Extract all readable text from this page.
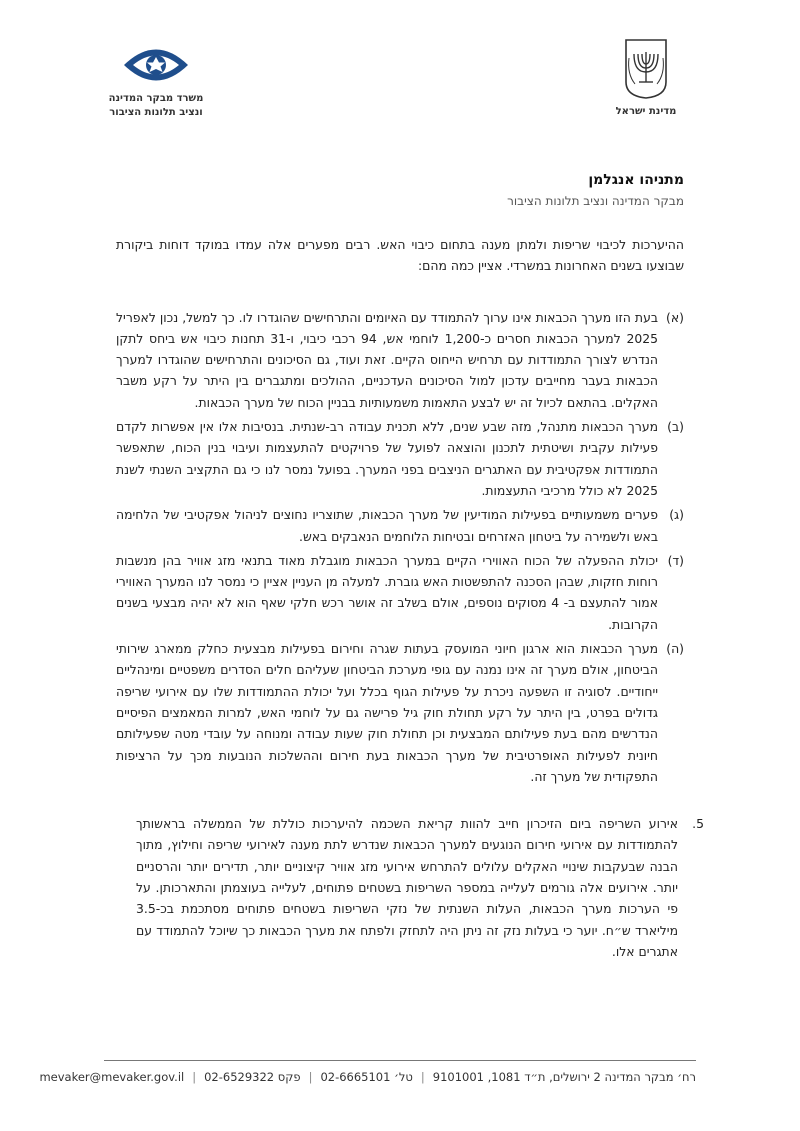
מדינת ישראל
משרד מבקר המדינה
ונציב תלונות הציבור
מתניהו אנגלמן
מבקר המדינה ונציב תלונות הציבור

ההיערכות לכיבוי שריפות ולמתן מענה בתחום כיבוי האש. רבים מפערים אלה עמדו במוקד דוחות ביקורת שבוצעו בשנים האחרונות במשרדי. אציין כמה מהם:

(א)
בעת הזו מערך הכבאות אינו ערוך להתמודד עם האיומים והתרחישים שהוגדרו לו. כך למשל, נכון לאפריל 2025 למערך הכבאות חסרים כ-1,200 לוחמי אש, 94 רכבי כיבוי, ו-31 תחנות כיבוי אש ביחס לתקן הנדרש לצורך התמודדות עם תרחיש הייחוס הקיים. זאת ועוד, גם הסיכונים והתרחישים שהוגדרו למערך הכבאות בעבר מחייבים עדכון למול הסיכונים העדכניים, ההולכים ומתגברים בין היתר על רקע משבר האקלים. בהתאם לכיול זה יש לבצע התאמות משמעותיות בבניין הכוח של מערך הכבאות.
(ב)
מערך הכבאות מתנהל, מזה שבע שנים, ללא תכנית עבודה רב-שנתית. בנסיבות אלו אין אפשרות לקדם פעילות עקבית ושיטתית לתכנון והוצאה לפועל של פרויקטים להתעצמות ועיבוי בנין הכוח, שתאפשר התמודדות אפקטיבית עם האתגרים הניצבים בפני המערך. בפועל נמסר לנו כי גם התקציב השנתי לשנת 2025 לא כולל מרכיבי התעצמות.
(ג)
פערים משמעותיים בפעילות המודיעין של מערך הכבאות, שתוצריו נחוצים לניהול אפקטיבי של הלחימה באש ולשמירה על ביטחון האזרחים ובטיחות הלוחמים הנאבקים באש.
(ד)
יכולת ההפעלה של הכוח האווירי הקיים במערך הכבאות מוגבלת מאוד בתנאי מזג אוויר בהן מנשבות רוחות חזקות, שבהן הסכנה להתפשטות האש גוברת. למעלה מן העניין אציין כי נמסר לנו המערך האווירי אמור להתעצם ב- 4 מסוקים נוספים, אולם בשלב זה אושר רכש חלקי שאף הוא לא יהיה מבצעי בשנים הקרובות.
(ה)
מערך הכבאות הוא ארגון חיוני המועסק בעתות שגרה וחירום בפעילות מבצעית כחלק ממארג שירותי הביטחון, אולם מערך זה אינו נמנה עם גופי מערכת הביטחון שעליהם חלים הסדרים משפטיים ומינהליים ייחודיים. לסוגיה זו השפעה ניכרת על פעילות הגוף בכלל ועל יכולת ההתמודדות שלו עם אירועי שריפה גדולים בפרט, בין היתר על רקע תחולת חוק גיל פרישה גם על לוחמי האש, למרות המאמצים הפיסיים הנדרשים מהם בעת פעילותם המבצעית וכן תחולת חוק שעות עבודה ומנוחה על עובדי מטה שפעילותם חיונית לפעילות האופרטיבית של מערך הכבאות בעת חירום וההשלכות הנובעות מכך על הרציפות התפקודית של מערך זה.
5.
אירוע השריפה ביום הזיכרון חייב להוות קריאת השכמה להיערכות כוללת של הממשלה בראשותך להתמודדות עם אירועי חירום הנוגעים למערך הכבאות שנדרש לתת מענה לאירועי שריפה וחילוץ, מתוך הבנה שבעקבות שינויי האקלים עלולים להתרחש אירועי מזג אוויר קיצוניים יותר, תדירים יותר והרסניים יותר. אירועים אלה גורמים לעלייה במספר השריפות בשטחים פתוחים, לעלייה בעוצמתן והתארכותן. על פי הערכות מערך הכבאות, העלות השנתית של נזקי השריפות בשטחים פתוחים מסתכמת בכ-3.5 מיליארד ש״ח. יוער כי בעלות נזק זה ניתן היה לתחזק ולפתח את מערך הכבאות כך שיוכל להתמודד עם אתגרים אלו.
רח׳ מבקר המדינה 2 ירושלים, ת״ד 1081, 9101001
|
טל׳ 02-6665101
|
פקס 02-6529322
|
mevaker@mevaker.gov.il
